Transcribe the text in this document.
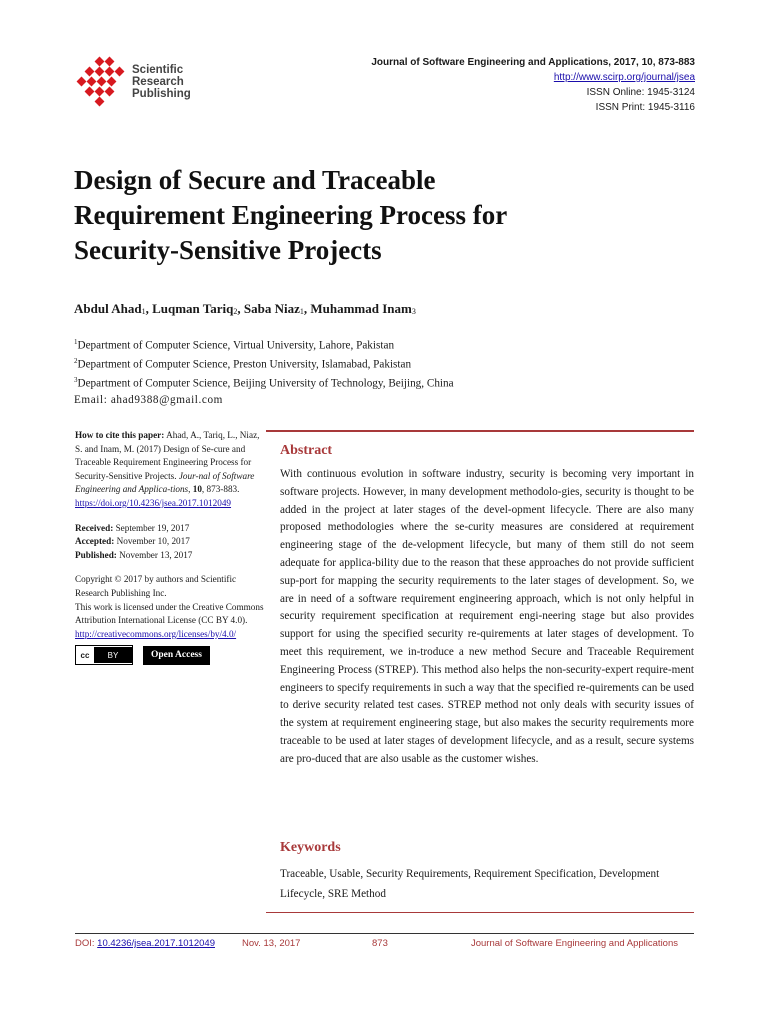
Scientific
Research
Publishing
Journal of Software Engineering and Applications, 2017, 10, 873-883
http://www.scirp.org/journal/jsea
ISSN Online: 1945-3124
ISSN Print: 1945-3116
Design of Secure and Traceable
Requirement Engineering Process for
Security-Sensitive Projects
Abdul Ahad$_1$, Luqman Tariq$_2$, Saba Niaz$_1$, Muhammad Inam$_3$
$^1$Department of Computer Science, Virtual University, Lahore, Pakistan
$^2$Department of Computer Science, Preston University, Islamabad, Pakistan
$^3$Department of Computer Science, Beijing University of Technology, Beijing, China
Email: ahad9388@gmail.com
How to cite this paper: Ahad, A., Tariq, L., Niaz, S. and Inam, M. (2017) Design of Se-cure and Traceable Requirement Engineering Process for Security-Sensitive Projects. Jour-nal of Software Engineering and Applica-tions, 10, 873-883.
https://doi.org/10.4236/jsea.2017.1012049
Received: September 19, 2017
Accepted: November 10, 2017
Published: November 13, 2017
Copyright © 2017 by authors and Scientific Research Publishing Inc.
This work is licensed under the Creative Commons Attribution International License (CC BY 4.0).
http://creativecommons.org/licenses/by/4.0/
cc	BY	Open Access
Abstract
With continuous evolution in software industry, security is becoming very important in software projects. However, in many development methodolo-gies, security is thought to be added in the project at later stages of the devel-opment lifecycle. There are also many proposed methodologies where the se-curity measures are considered at requirement engineering stage of the de-velopment lifecycle, but many of them still do not seem adequate for applica-bility due to the reason that these approaches do not provide sufficient sup-port for mapping the security requirements to the later stages of development. So, we are in need of a software requirement engineering approach, which is not only helpful in security requirement specification at requirement engi-neering stage but also provides support for using the specified security re-quirements at later stages of development. To meet this requirement, we in-troduce a new method Secure and Traceable Requirement Engineering Process (STREP). This method also helps the non-security-expert require-ment engineers to specify requirements in such a way that the specified re-quirements can be used to derive security related test cases. STREP method not only deals with security issues of the system at requirement engineering stage, but also makes the security requirements more traceable to be used at later stages of development lifecycle, and as a result, secure systems are pro-duced that are also usable as the customer wishes.
Keywords
Traceable, Usable, Security Requirements, Requirement Specification, Development Lifecycle, SRE Method
DOI: 10.4236/jsea.2017.1012049	Nov. 13, 2017	873	Journal of Software Engineering and Applications
